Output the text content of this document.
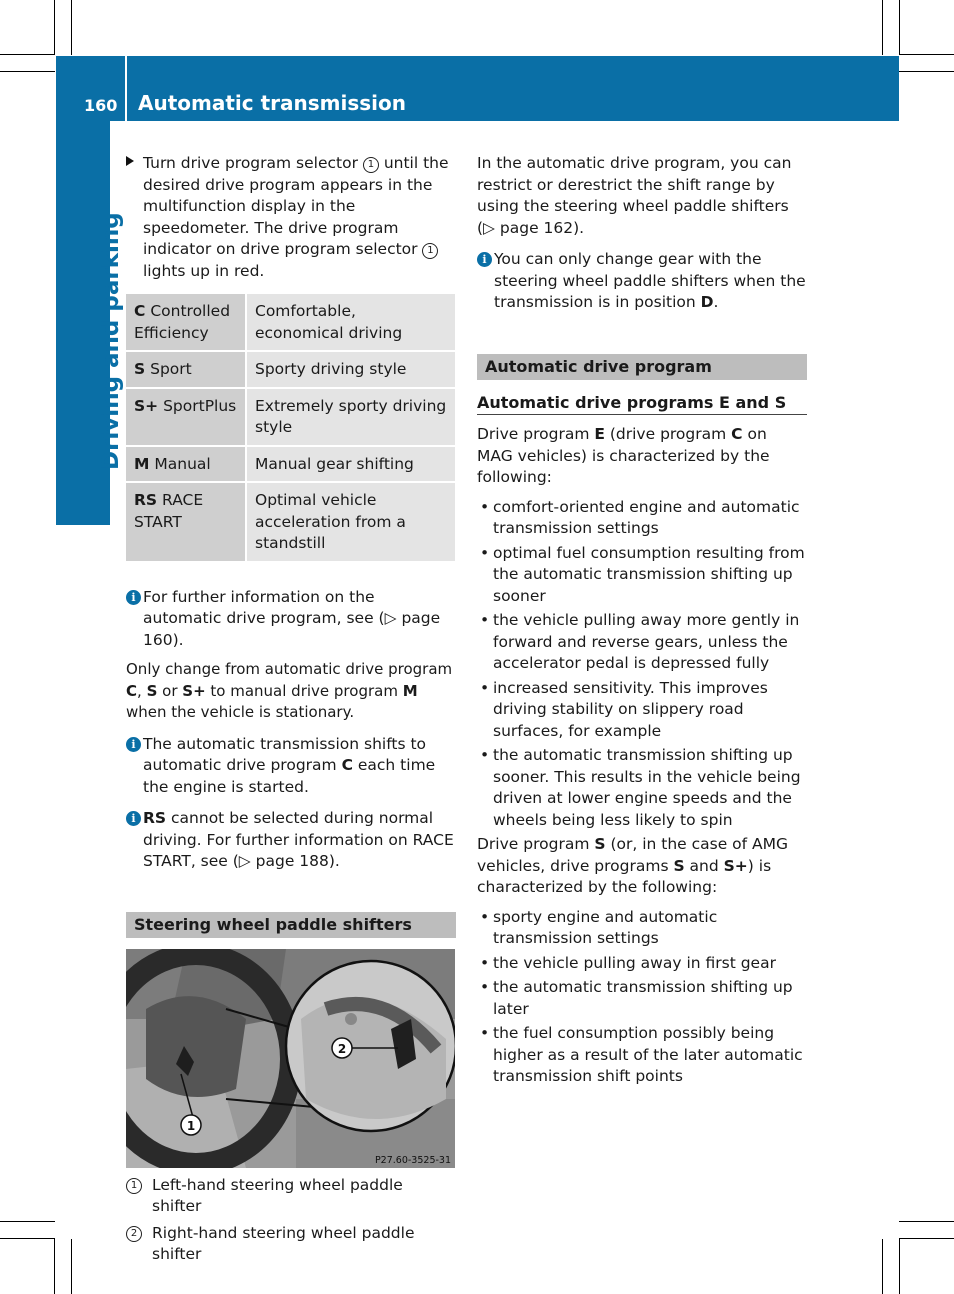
160 Automatic transmission
Driving and parking

Turn drive program selector 1 until the desired drive program appears in the multifunction display in the speedometer. The drive program indicator on drive program selector 1 lights up in red.

C Controlled Efficiency	Comfortable, economical driving
S Sport	Sporty driving style
S+ SportPlus	Extremely sporty driving style
M Manual	Manual gear shifting
RS RACE START	Optimal vehicle acceleration from a standstill

i For further information on the automatic drive program, see (▷ page 160).

Only change from automatic drive program C, S or S+ to manual drive program M when the vehicle is stationary.

i The automatic transmission shifts to automatic drive program C each time the engine is started.

i RS cannot be selected during normal driving. For further information on RACE START, see (▷ page 188).

Steering wheel paddle shifters
2
1
P27.60-3525-31

1 Left-hand steering wheel paddle shifter

2 Right-hand steering wheel paddle shifter

In the automatic drive program, you can restrict or derestrict the shift range by using the steering wheel paddle shifters (▷ page 162).

i You can only change gear with the steering wheel paddle shifters when the transmission is in position D.

Automatic drive program
Automatic drive programs E and S

Drive program E (drive program C on MAG vehicles) is characterized by the following:

• comfort-oriented engine and automatic transmission settings

• optimal fuel consumption resulting from the automatic transmission shifting up sooner

• the vehicle pulling away more gently in forward and reverse gears, unless the accelerator pedal is depressed fully

• increased sensitivity. This improves driving stability on slippery road surfaces, for example

• the automatic transmission shifting up sooner. This results in the vehicle being driven at lower engine speeds and the wheels being less likely to spin

Drive program S (or, in the case of AMG vehicles, drive programs S and S+) is characterized by the following:

• sporty engine and automatic transmission settings

• the vehicle pulling away in first gear

• the automatic transmission shifting up later

• the fuel consumption possibly being higher as a result of the later automatic transmission shift points
